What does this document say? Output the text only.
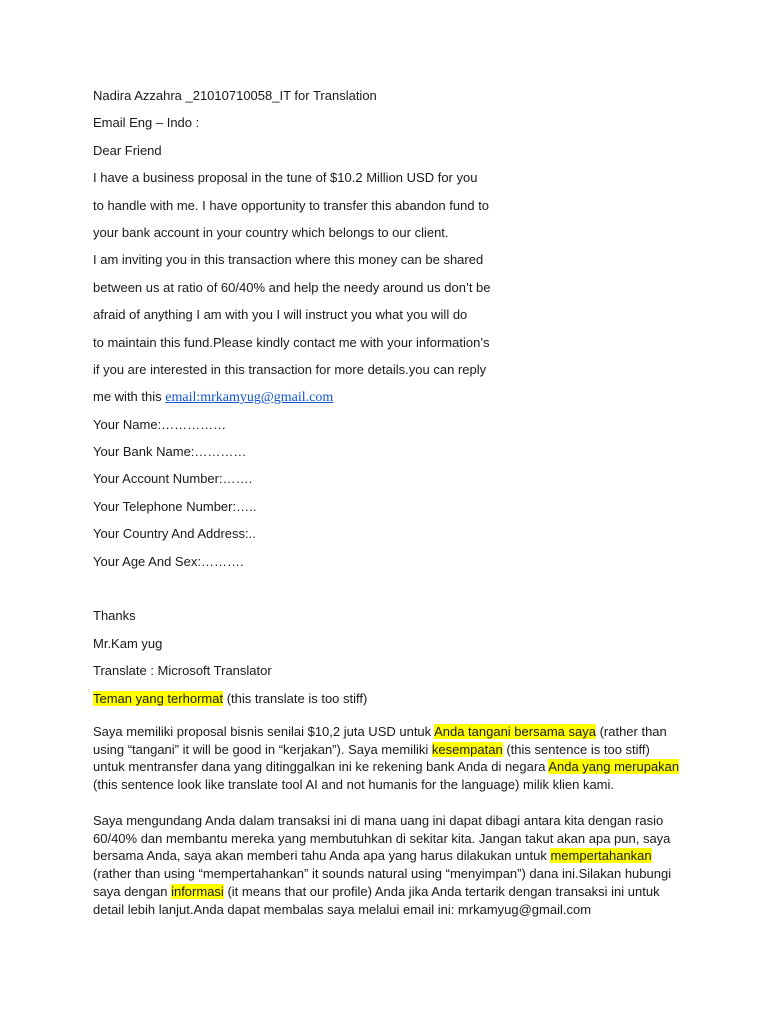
Nadira Azzahra _21010710058_IT for Translation
Email Eng – Indo :
Dear Friend
I have a business proposal in the tune of $10.2 Million USD for you
to handle with me. I have opportunity to transfer this abandon fund to
your bank account in your country which belongs to our client.
I am inviting you in this transaction where this money can be shared
between us at ratio of 60/40% and help the needy around us don’t be
afraid of anything I am with you I will instruct you what you will do
to maintain this fund.Please kindly contact me with your information’s
if you are interested in this transaction for more details.you can reply
me with this email:mrkamyug@gmail.com
Your Name:……………
Your Bank Name:…………
Your Account Number:…….
Your Telephone Number:…..
Your Country And Address:..
Your Age And Sex:……….
Thanks
Mr.Kam yug
Translate : Microsoft Translator
Teman yang terhormat (this translate is too stiff)
Saya memiliki proposal bisnis senilai $10,2 juta USD untuk Anda tangani bersama saya (rather than using “tangani” it will be good in “kerjakan”). Saya memiliki kesempatan (this sentence is too stiff) untuk mentransfer dana yang ditinggalkan ini ke rekening bank Anda di negara Anda yang merupakan (this sentence look like translate tool AI and not humanis for the language) milik klien kami.
Saya mengundang Anda dalam transaksi ini di mana uang ini dapat dibagi antara kita dengan rasio 60/40% dan membantu mereka yang membutuhkan di sekitar kita. Jangan takut akan apa pun, saya bersama Anda, saya akan memberi tahu Anda apa yang harus dilakukan untuk mempertahankan (rather than using “mempertahankan” it sounds natural using “menyimpan”) dana ini.Silakan hubungi saya dengan informasi (it means that our profile) Anda jika Anda tertarik dengan transaksi ini untuk detail lebih lanjut.Anda dapat membalas saya melalui email ini: mrkamyug@gmail.com
